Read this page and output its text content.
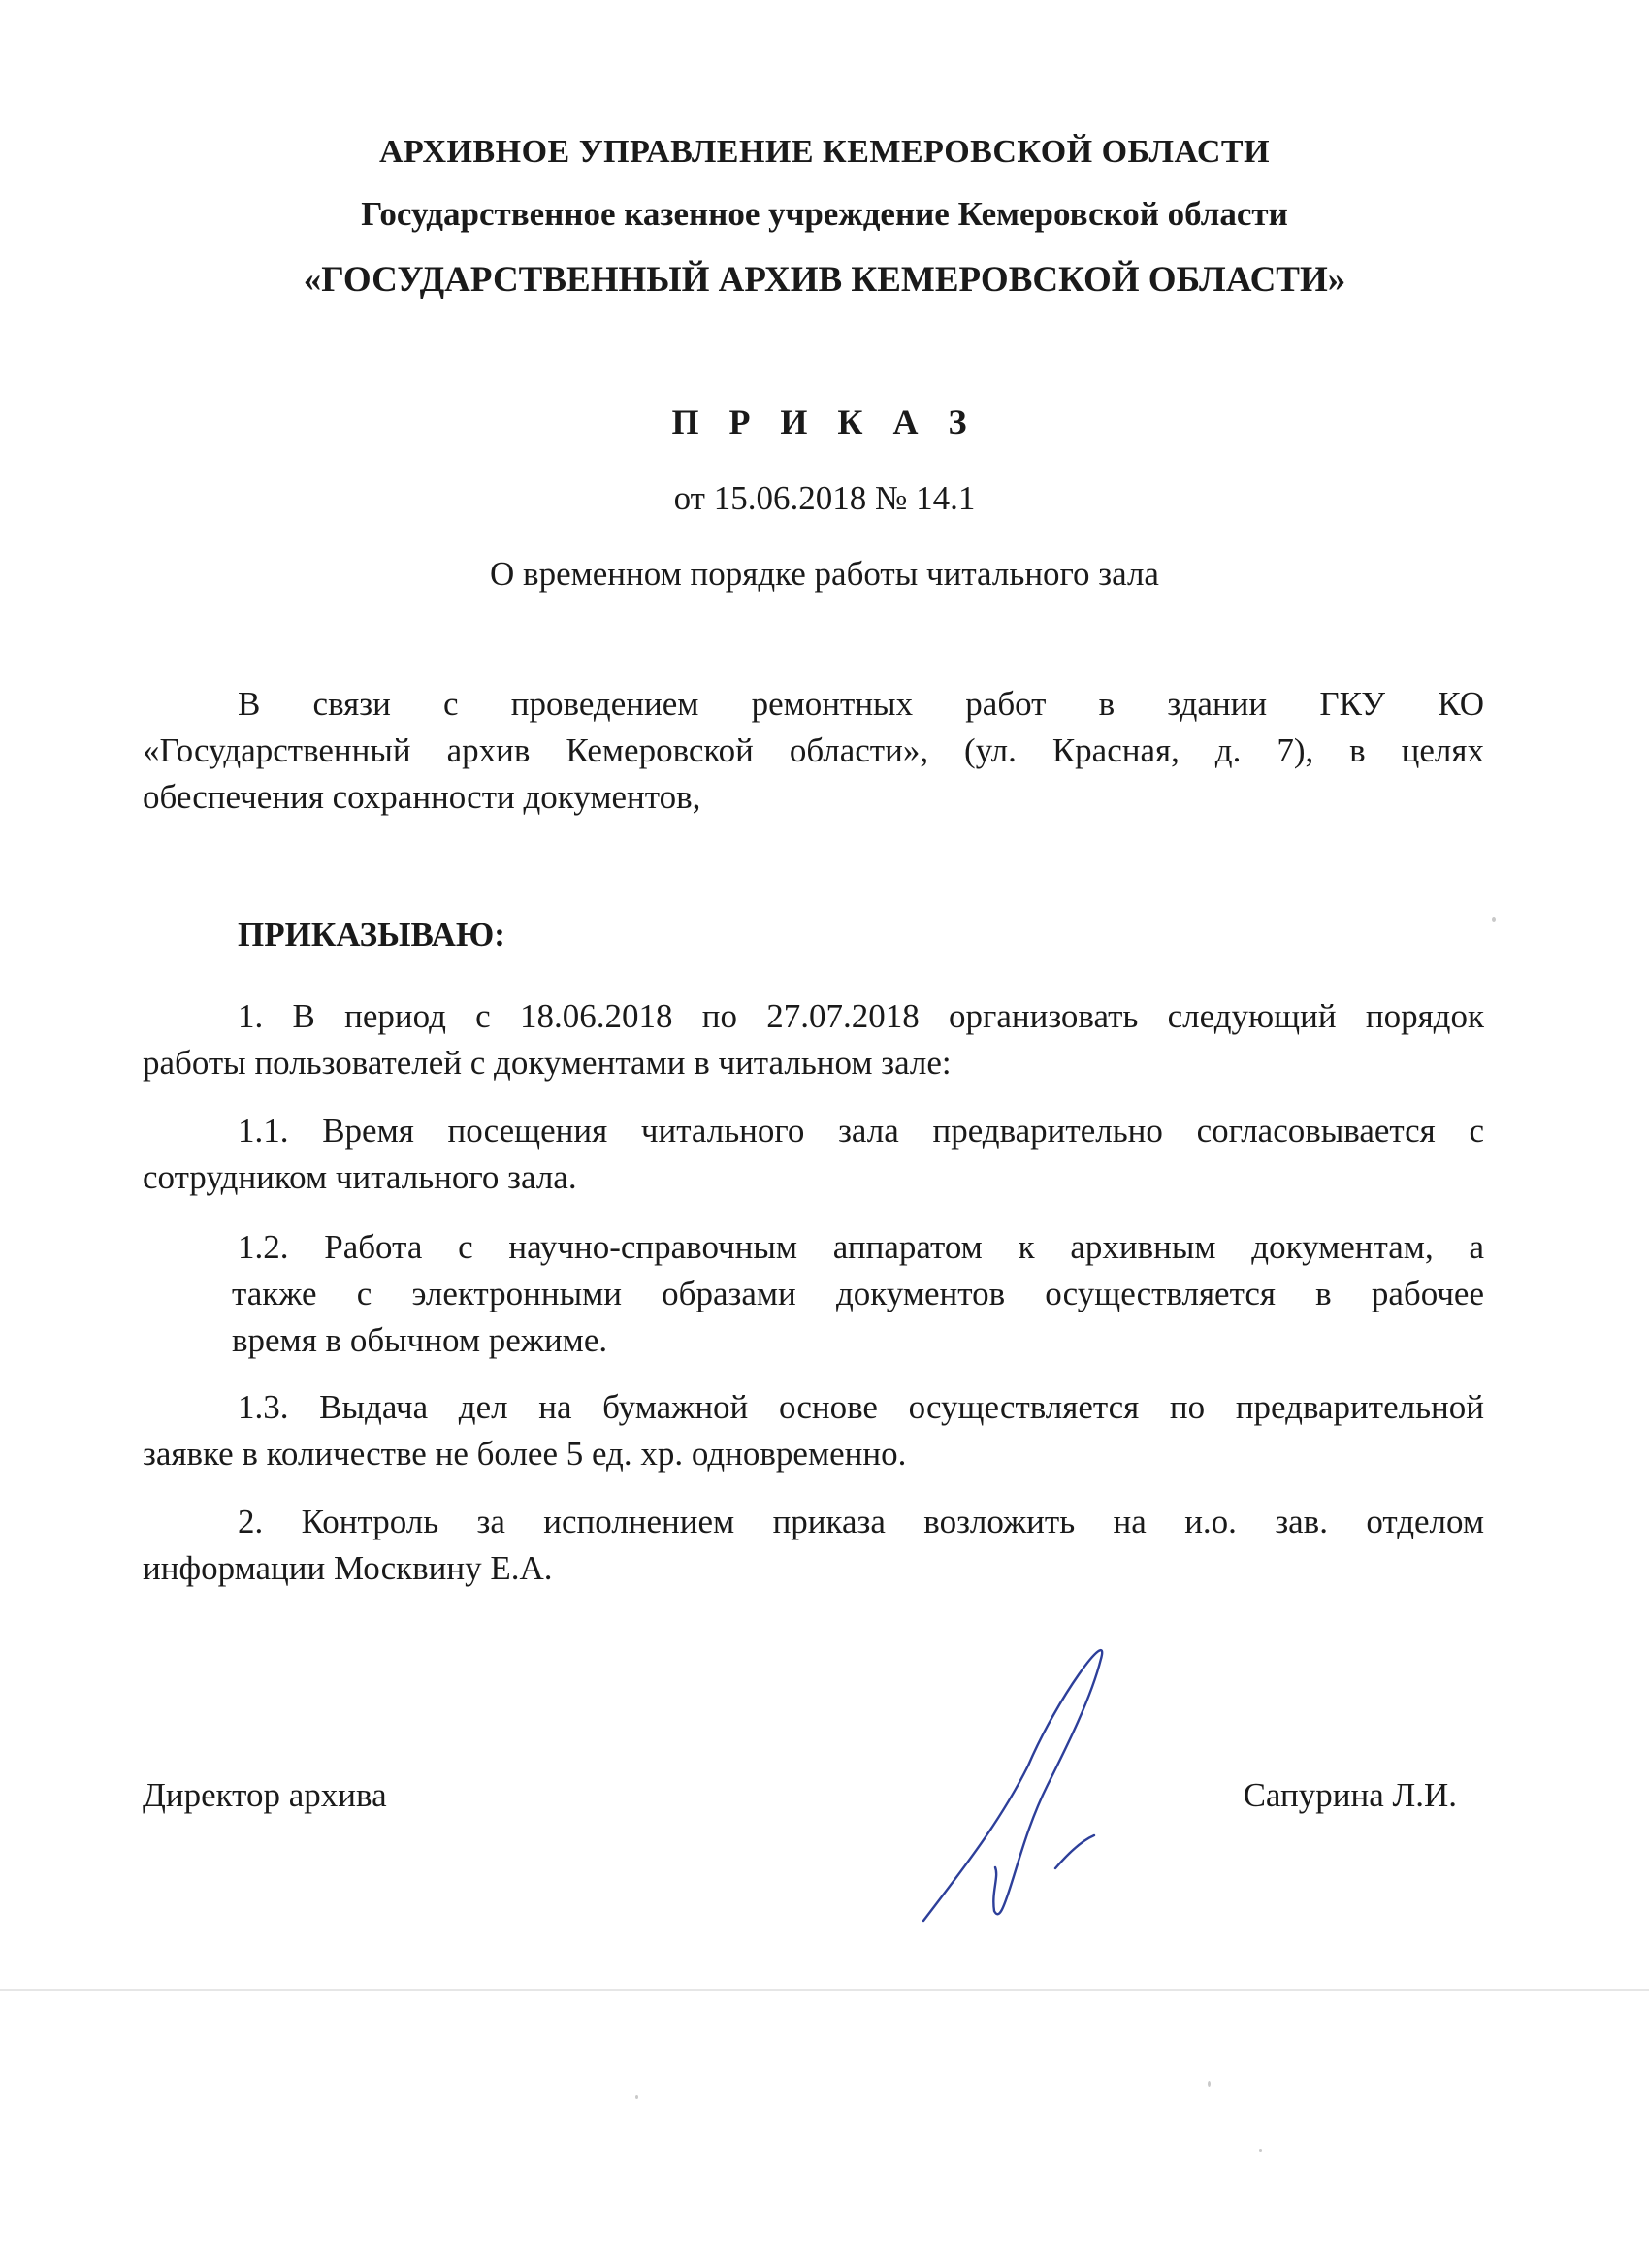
АРХИВНОЕ УПРАВЛЕНИЕ КЕМЕРОВСКОЙ ОБЛАСТИ
Государственное казенное учреждение Кемеровской области
«ГОСУДАРСТВЕННЫЙ АРХИВ КЕМЕРОВСКОЙ ОБЛАСТИ»
П Р И К А З
от 15.06.2018 № 14.1
О временном порядке работы читального зала
В связи с проведением ремонтных работ в здании ГКУ КО
«Государственный архив Кемеровской области», (ул. Красная, д. 7), в целях
обеспечения сохранности документов,
ПРИКАЗЫВАЮ:
1. В период с 18.06.2018 по 27.07.2018 организовать следующий порядок
работы пользователей с документами в читальном зале:
1.1. Время посещения читального зала предварительно согласовывается с
сотрудником читального зала.
1.2. Работа с научно-справочным аппаратом к архивным документам, а
также с электронными образами документов осуществляется в рабочее
время в обычном режиме.
1.3. Выдача дел на бумажной основе осуществляется по предварительной
заявке в количестве не более 5 ед. хр. одновременно.
2. Контроль за исполнением приказа возложить на и.о. зав. отделом
информации Москвину Е.А.
Директор архива	Сапурина Л.И.
